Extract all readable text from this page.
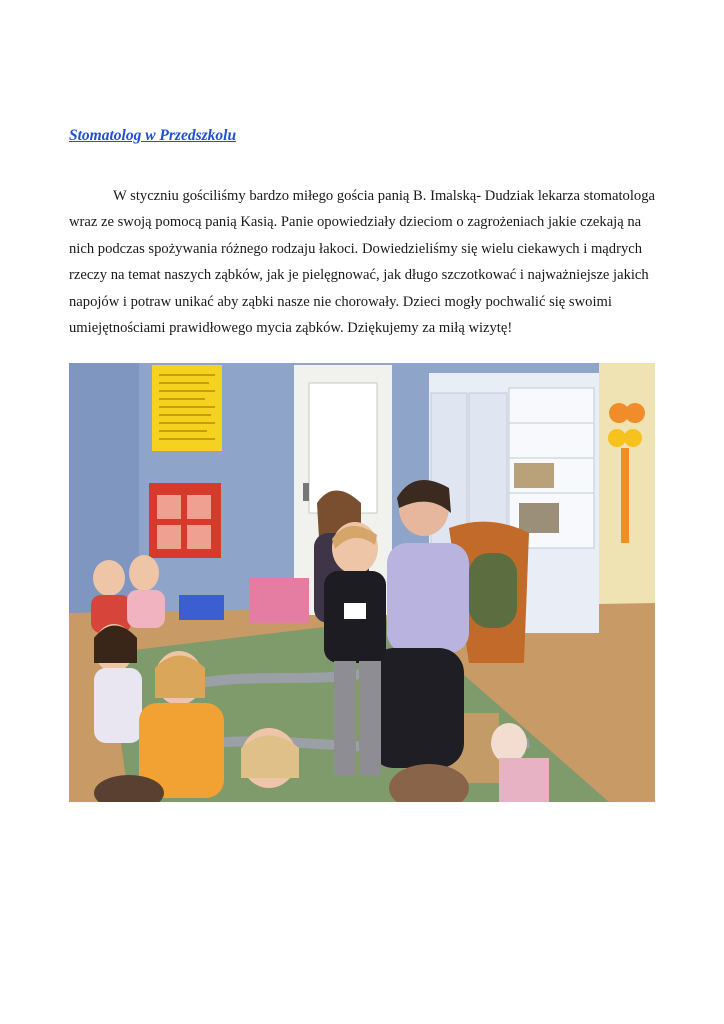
Stomatolog w Przedszkolu

W styczniu gościliśmy bardzo miłego gościa panią B. Imalską- Dudziak lekarza stomatologa wraz ze swoją pomocą panią Kasią. Panie opowiedziały dzieciom o zagrożeniach jakie czekają na nich podczas spożywania różnego rodzaju łakoci. Dowiedzieliśmy się wielu ciekawych i mądrych rzeczy na temat naszych ząbków, jak je pielęgnować, jak długo szczotkować i najważniejsze jakich napojów i potraw unikać aby ząbki nasze nie chorowały. Dzieci mogły pochwalić się swoimi umiejętnościami prawidłowego mycia ząbków. Dziękujemy za miłą wizytę!
